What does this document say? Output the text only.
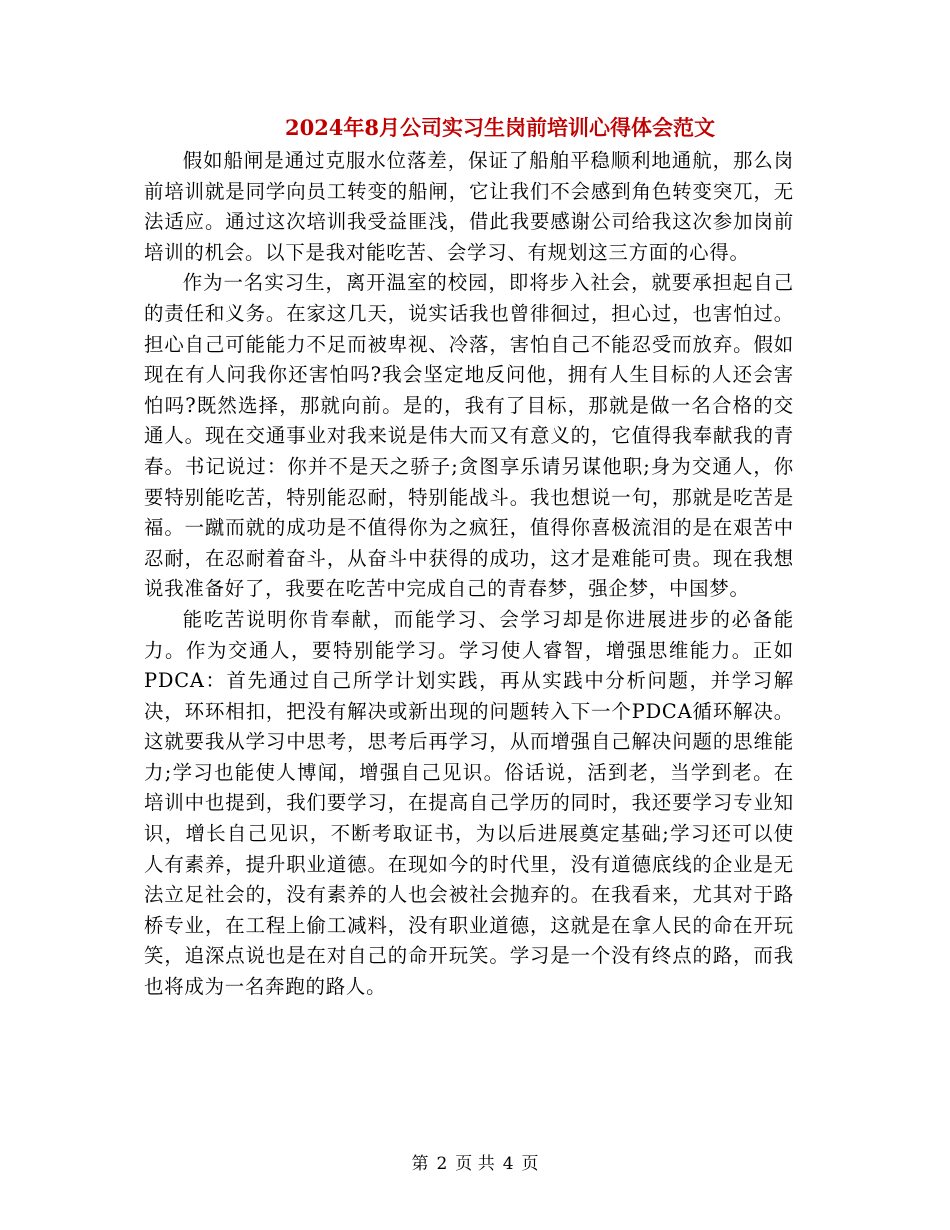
2024年8月公司实习生岗前培训心得体会范文

假如船闸是通过克服水位落差，保证了船舶平稳顺利地通航，那么岗前培训就是同学向员工转变的船闸，它让我们不会感到角色转变突兀，无法适应。通过这次培训我受益匪浅，借此我要感谢公司给我这次参加岗前培训的机会。以下是我对能吃苦、会学习、有规划这三方面的心得。

作为一名实习生，离开温室的校园，即将步入社会，就要承担起自己的责任和义务。在家这几天，说实话我也曾徘徊过，担心过，也害怕过。担心自己可能能力不足而被卑视、冷落，害怕自己不能忍受而放弃。假如现在有人问我你还害怕吗?我会坚定地反问他，拥有人生目标的人还会害怕吗?既然选择，那就向前。是的，我有了目标，那就是做一名合格的交通人。现在交通事业对我来说是伟大而又有意义的，它值得我奉献我的青春。书记说过：你并不是天之骄子;贪图享乐请另谋他职;身为交通人，你要特别能吃苦，特别能忍耐，特别能战斗。我也想说一句，那就是吃苦是福。一蹴而就的成功是不值得你为之疯狂，值得你喜极流泪的是在艰苦中忍耐，在忍耐着奋斗，从奋斗中获得的成功，这才是难能可贵。现在我想说我准备好了，我要在吃苦中完成自己的青春梦，强企梦，中国梦。

能吃苦说明你肯奉献，而能学习、会学习却是你进展进步的必备能力。作为交通人，要特别能学习。学习使人睿智，增强思维能力。正如PDCA：首先通过自己所学计划实践，再从实践中分析问题，并学习解决，环环相扣，把没有解决或新出现的问题转入下一个PDCA循环解决。这就要我从学习中思考，思考后再学习，从而增强自己解决问题的思维能力;学习也能使人博闻，增强自己见识。俗话说，活到老，当学到老。在培训中也提到，我们要学习，在提高自己学历的同时，我还要学习专业知识，增长自己见识，不断考取证书，为以后进展奠定基础;学习还可以使人有素养，提升职业道德。在现如今的时代里，没有道德底线的企业是无法立足社会的，没有素养的人也会被社会抛弃的。在我看来，尤其对于路桥专业，在工程上偷工减料，没有职业道德，这就是在拿人民的命在开玩笑，追深点说也是在对自己的命开玩笑。学习是一个没有终点的路，而我也将成为一名奔跑的路人。

第 2 页 共 4 页
